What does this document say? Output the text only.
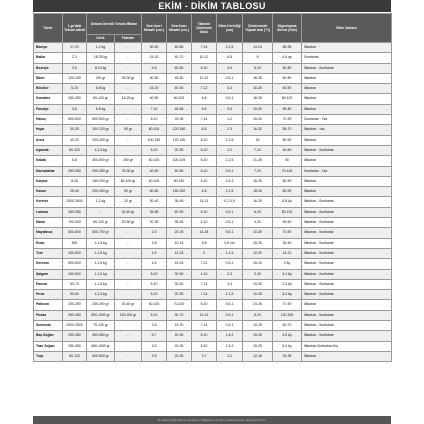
EKİM - DİKİM TABLOSU
Türler	1 gr'daki Tohum Adedi	Dekara Gerekli Tohum Miktarı		Sıra Üzeri Mesafe (cm.)	Sıra Arası Mesafe (cm.)	Tahmini Çimlenme Günü	Ekim Derinliği (cm)	Çimlenmede Toprak Isısı (°C)	Olgunlaşma Süresi (Gün)	Ekim Zamanı
		Direk	Fideden							
Bamya	17-20	1-2 kg	...	30-40	60-80	7-14	2-2,5	14-24	85-95	İlkbahar
Bakla	2-3	18-25 kg	...	15-20	40-70	10-12	6-8	8	4-5 ay	Sonbahar
Bezelye	3-5	8-10 kg	...	5-8	60-80	6-10	4-5	5-24	60-80	İlkbahar - Sonbahar
Biber	120-150	200 gr	25-30 gr	30-50	45-60	10-12	0,5-1	18-35	60-80	İlkbahar
Börülce	5-10	6-8 kg	...	15-20	40-50	7-12	3-4	16-30	60-90	İlkbahar
Domates	250-350	80-100 gr	15-25 gr	40-50	60-100	6-8	0,5-1	18-35	60-120	İlkbahar
Fasulye	3-6	5-8 kg	...	7-10	45-65	6-8	3-5	15-30	55-80	İlkbahar
Havuç	600-800	600-900 gr	...	5-10	25-35	7-14	1-2	15-30	70-90	Sonbahar - Yaz
Hıyar	30-35	100-120 gr	50 gr	60-100	120-180	6-8	2-3	16-32	55-70	İlkbahar - Yaz
Anuz	40-20	200-400 gr	...	100-150	120-150	5-10	2-2,5	15	80-90	İlkbahar
Ispanak	80-120	1-2,5 kg	...	5-10	20-30	6-10	1-2	7-24	40-60	İlkbahar - Sonbahar
Kabak	6-8	300-500 gr	250 gr	80-100	100-105	6-10	2-2,5	21-35	50	İlkbahar
Karnabahar	280-350	200-250 gr	25-30 gr	40-50	60-80	6-10	0,5-1	7-20	70-145	Sonbahar - Yaz
Karpuz	8-25	150-200 gr	80-100 gr	60-100	80-150	6-10	2,5-3	18-30	80-90	İlkbahar
Kavun	25-40	200-400 gr	50 gr	60-80	150-200	4-8	2-2,5	18-30	80-90	İlkbahar
Kereviz	2000-3000	1-2 kg	20 gr	30-40	35-45	14-21	0,2-0,5	16-20	6-8 Ay	İlkbahar - Sonbahar
Lahana	280-350	...	30-40 gr	35-55	60-90	6-10	0,5-1	6-25	80-120	İlkbahar - Sonbahar
Marul	700-900	80-100 gr	20-30 gr	20-30	35-45	4-10	0,5-1	4-20	45-60	İlkbahar - Sonbahar
Maydanoz	500-600	500-700 gr	...	2-3	20-25	14-28	0,5-1	10-30	70-90	İlkbahar - Sonbahar
Roka	500	1-1,5 kg	...	3-5	10-15	3-8	0,5 cm	15-30	30-40	İlkbahar - Sonbahar
Tere	400-500	1-1,5 kg	...	4-5	12-15	2	1-1,5	10-20	14-21	İlkbahar - Sonbahar
Dereotu	500-600	1-1,5 kg	...	4-5	15-25	7-21	0,5-1	15-20	2 Ay	İlkbahar - Sonbahar
Şalgam	400-600	1-1,5 kg	...	8-10	30-50	4-10	2-3	3-30	3-4 Ay	İlkbahar - Sonbahar
Pancar	50-70	1-1,5 kg	...	5-10	30-40	7-14	3-4	10-30	2-3 Ay	İlkbahar - Sonbahar
Pırsa	50-60	1-2,5 kg	...	5-10	20-30	7-14	1-1,5	10-25	3-4 Ay	İlkbahar - Sonbahar
Patlıcan	200-250	250-300 gr	40-60 gr	60-100	70-100	6-10	0,5-1	24-35	70-90	İlkbahar
Pırasa	350-450	800-1000 gr	150-200 gr	5-10	30-70	10-12	0,5-1	8-20	120-150	İlkbahar - Sonbahar
Semizotu	2000-2500	75-125 gr	...	3-5	15-20	7-14	0,5-1	10-29	60-70	İlkbahar - Sonbahar
Baş Soğan	250-350	350-550 gr	...	5-7	20-30	8-10	1,5-2	15-25	4-5 Ay	İlkbahar - Sonbahar
Taze Soğan	250-350	650-1000 gr	...	3-5	20-25	8-10	1,5-2	15-25	3-4 Ay	İlkbahar-Sonbahar-Kış
Turp	80-120	600-800 gr	...	3-5	20-25	3-7	1-2	12-18	25-35	İlkbahar
Bu tablo bilgilendirme amaçlıdır. Bölgenize ve iklim şartlarına göre değerlendiriniz.
